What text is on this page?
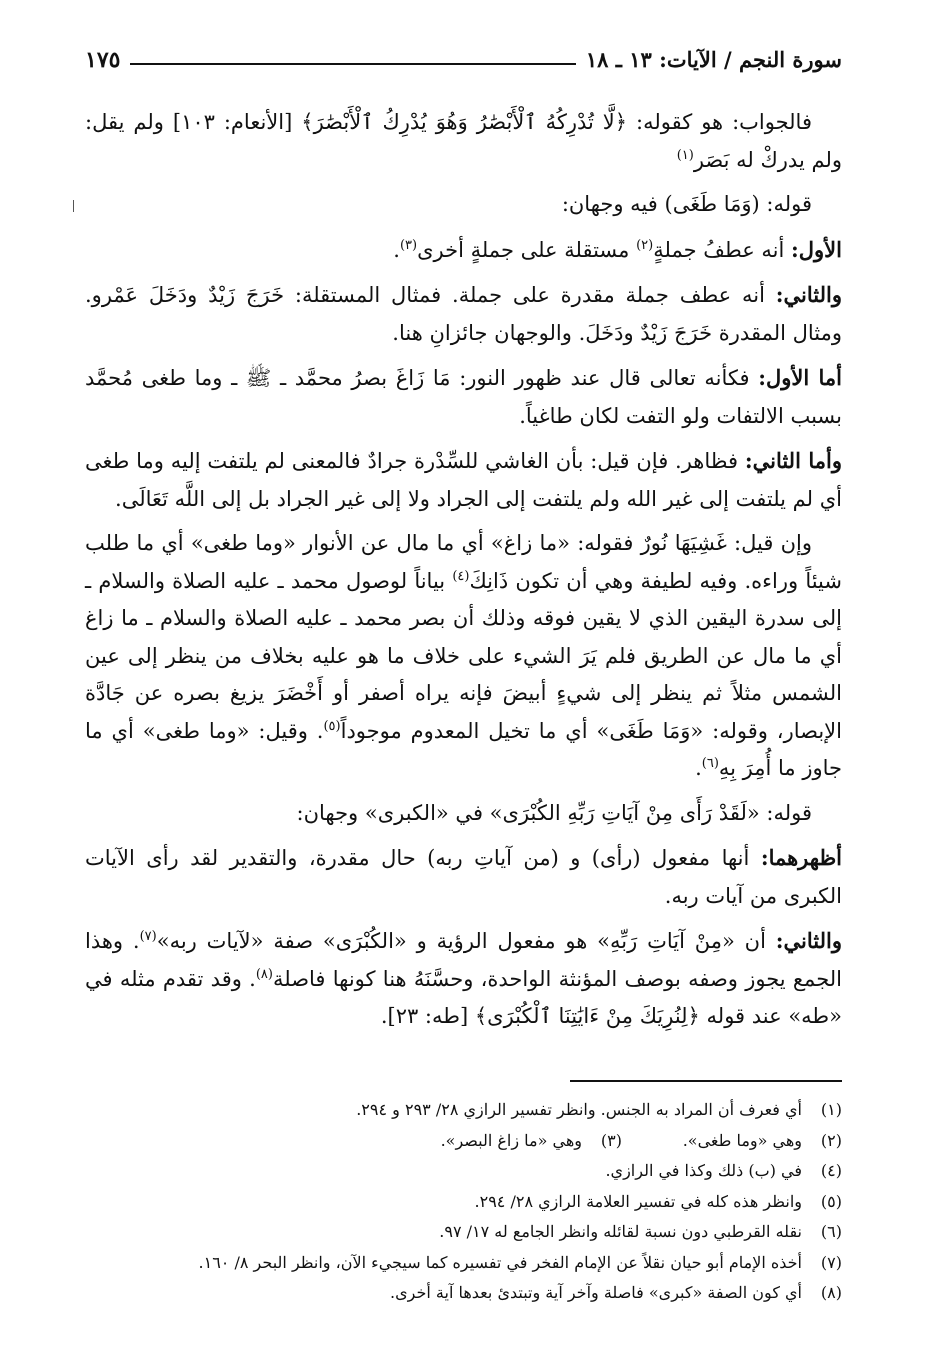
١٧٥	سورة النجم / الآيات: ١٣ ـ ١٨

فالجواب: هو كقوله: ﴿لَّا تُدْرِكُهُ ٱلْأَبْصَٰرُ وَهُوَ يُدْرِكُ ٱلْأَبْصَٰرَ﴾ [الأنعام: ١٠٣] ولم يقل: ولم يدركْ له بَصَر$^{(١)}$

قوله: (وَمَا طَغَى) فيه وجهان:

الأول: أنه عطفُ جملةٍ$^{(٢)}$ مستقلة على جملةٍ أخرى$^{(٣)}$.

والثاني: أنه عطف جملة مقدرة على جملة. فمثال المستقلة: خَرَجَ زَيْدٌ ودَخَلَ عَمْرو. ومثال المقدرة خَرَجَ زَيْدٌ ودَخَلَ. والوجهان جائزانِ هنا.

أما الأول: فكأنه تعالى قال عند ظهور النور: مَا زَاغَ بصرُ محمَّد ـ ﷺ ـ وما طغى مُحمَّد بسبب الالتفات ولو التفت لكان طاغياً.

وأما الثاني: فظاهر. فإن قيل: بأن الغاشي للسِّدْرة جرادٌ فالمعنى لم يلتفت إليه وما طغى أي لم يلتفت إلى غير الله ولم يلتفت إلى الجراد ولا إلى غير الجراد بل إلى اللَّه تَعَالَى.

وإن قيل: غَشِيَهَا نُورٌ فقوله: «ما زاغ» أي ما مال عن الأنوار «وما طغى» أي ما طلب شيئاً وراءه. وفيه لطيفة وهي أن تكون ذَانِكَ$^{(٤)}$ بياناً لوصول محمد ـ عليه الصلاة والسلام ـ إلى سدرة اليقين الذي لا يقين فوقه وذلك أن بصر محمد ـ عليه الصلاة والسلام ـ ما زاغ أي ما مال عن الطريق فلم يَرَ الشيء على خلاف ما هو عليه بخلاف من ينظر إلى عين الشمس مثلاً ثم ينظر إلى شيءٍ أبيضَ فإنه يراه أصفر أو أَخْضَرَ يزيغ بصره عن جَادَّة الإبصار، وقوله: «وَمَا طَغَى» أي ما تخيل المعدوم موجوداً$^{(٥)}$. وقيل: «وما طغى» أي ما جاوز ما أُمِرَ بِهِ$^{(٦)}$.

قوله: «لَقَدْ رَأَى مِنْ آيَاتِ رَبِّهِ الكُبْرَى» في «الكبرى» وجهان:

أظهرهما: أنها مفعول (رأى) و (من آياتِ ربه) حال مقدرة، والتقدير لقد رأى الآيات الكبرى من آيات ربه.

والثاني: أن «مِنْ آيَاتِ رَبِّهِ» هو مفعول الرؤية و «الكُبْرَى» صفة «لآيات ربه»$^{(٧)}$. وهذا الجمع يجوز وصفه بوصف المؤنثة الواحدة، وحسَّنَهُ هنا كونها فاصلة$^{(٨)}$. وقد تقدم مثله في «طه» عند قوله ﴿لِنُرِيَكَ مِنْ ءَايَٰتِنَا ٱلْكُبْرَى﴾ [طه: ٢٣].

(١)
أي فعرف أن المراد به الجنس. وانظر تفسير الرازي ٢٨/ ٢٩٣ و ٢٩٤.
(٢)
وهي «وما طغى».
(٣)
وهي «ما زاغ البصر».
(٤)
في (ب) ذلك وكذا في الرازي.
(٥)
وانظر هذه كله في تفسير العلامة الرازي ٢٨/ ٢٩٤.
(٦)
نقله القرطبي دون نسبة لقائله وانظر الجامع له ١٧/ ٩٧.
(٧)
أخذه الإمام أبو حيان نقلاً عن الإمام الفخر في تفسيره كما سيجيء الآن، وانظر البحر ٨/ ١٦٠.
(٨)
أي كون الصفة «كبرى» فاصلة وآخر آية وتبتدئ بعدها آية أخرى.
